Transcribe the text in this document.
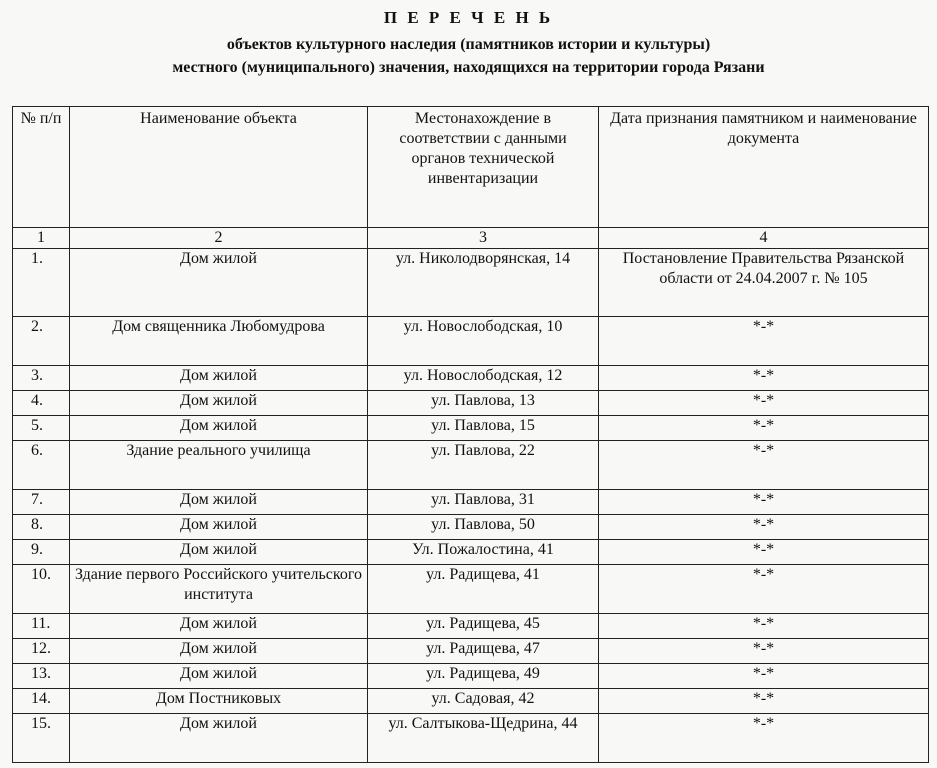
П Е Р Е Ч Е Н Ь
объектов культурного наследия (памятников истории и культуры)
местного (муниципального) значения, находящихся на территории города Рязани
№ п/п	Наименование объекта	Местонахождение в соответствии с данными органов технической инвентаризации	Дата признания памятником и наименование документа
1	2	3	4
1.	Дом жилой	ул. Николодворянская, 14	Постановление Правительства Рязанской области от 24.04.2007 г. № 105
2.	Дом священника Любомудрова	ул. Новослободская, 10	*-*
3.	Дом жилой	ул. Новослободская, 12	*-*
4.	Дом жилой	ул. Павлова, 13	*-*
5.	Дом жилой	ул. Павлова, 15	*-*
6.	Здание реального училища	ул. Павлова, 22	*-*
7.	Дом жилой	ул. Павлова, 31	*-*
8.	Дом жилой	ул. Павлова, 50	*-*
9.	Дом жилой	Ул. Пожалостина, 41	*-*
10.	Здание первого Российского учительского института	ул. Радищева, 41	*-*
11.	Дом жилой	ул. Радищева, 45	*-*
12.	Дом жилой	ул. Радищева, 47	*-*
13.	Дом жилой	ул. Радищева, 49	*-*
14.	Дом Постниковых	ул. Садовая, 42	*-*
15.	Дом жилой	ул. Салтыкова-Щедрина, 44	*-*
